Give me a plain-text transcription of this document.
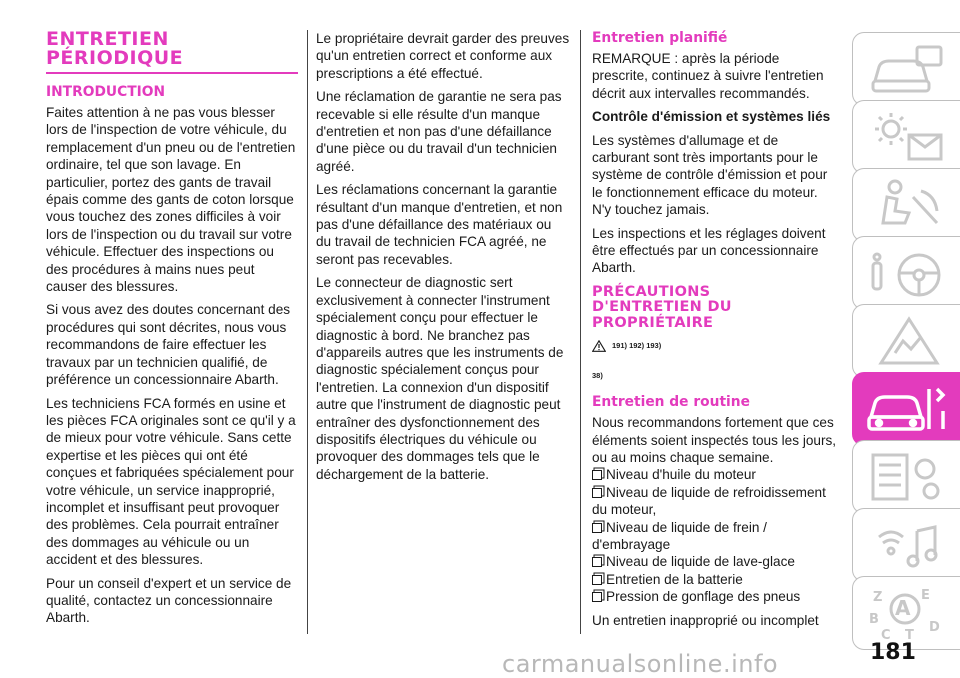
ENTRETIEN
PÉRIODIQUE
INTRODUCTION

Faites attention à ne pas vous blesser lors de l'inspection de votre véhicule, du remplacement d'un pneu ou de l'entretien ordinaire, tel que son lavage. En particulier, portez des gants de travail épais comme des gants de coton lorsque vous touchez des zones difficiles à voir lors de l'inspection ou du travail sur votre véhicule. Effectuer des inspections ou des procédures à mains nues peut causer des blessures.

Si vous avez des doutes concernant des procédures qui sont décrites, nous vous recommandons de faire effectuer les travaux par un technicien qualifié, de préférence un concessionnaire Abarth.

Les techniciens FCA formés en usine et les pièces FCA originales sont ce qu'il y a de mieux pour votre véhicule. Sans cette expertise et les pièces qui ont été conçues et fabriquées spécialement pour votre véhicule, un service inapproprié, incomplet et insuffisant peut provoquer des problèmes. Cela pourrait entraîner des dommages au véhicule ou un accident et des blessures.

Pour un conseil d'expert et un service de qualité, contactez un concessionnaire Abarth.

Le propriétaire devrait garder des preuves qu'un entretien correct et conforme aux prescriptions a été effectué.

Une réclamation de garantie ne sera pas recevable si elle résulte d'un manque d'entretien et non pas d'une défaillance d'une pièce ou du travail d'un technicien agréé.

Les réclamations concernant la garantie résultant d'un manque d'entretien, et non pas d'une défaillance des matériaux ou du travail de technicien FCA agréé, ne seront pas recevables.

Le connecteur de diagnostic sert exclusivement à connecter l'instrument spécialement conçu pour effectuer le diagnostic à bord. Ne branchez pas d'appareils autres que les instruments de diagnostic spécialement conçus pour l'entretien. La connexion d'un dispositif autre que l'instrument de diagnostic peut entraîner des dysfonctionnement des dispositifs électriques du véhicule ou provoquer des dommages tels que le déchargement de la batterie.

Entretien planifié

REMARQUE : après la période prescrite, continuez à suivre l'entretien décrit aux intervalles recommandés.

Contrôle d'émission et systèmes liés

Les systèmes d'allumage et de carburant sont très importants pour le système de contrôle d'émission et pour le fonctionnement efficace du moteur. N'y touchez jamais.

Les inspections et les réglages doivent être effectués par un concessionnaire Abarth.

PRÉCAUTIONS
D'ENTRETIEN DU
PROPRIÉTAIRE
191) 192) 193)
38)
Entretien de routine

Nous recommandons fortement que ces éléments soient inspectés tous les jours, ou au moins chaque semaine.

Niveau d'huile du moteur
Niveau de liquide de refroidissement du moteur,
Niveau de liquide de frein / d'embrayage
Niveau de liquide de lave-glace
Entretien de la batterie
Pression de gonflage des pneus

Un entretien inapproprié ou incomplet

Z	E
B A
C T
D
181
carmanualsonline.info
